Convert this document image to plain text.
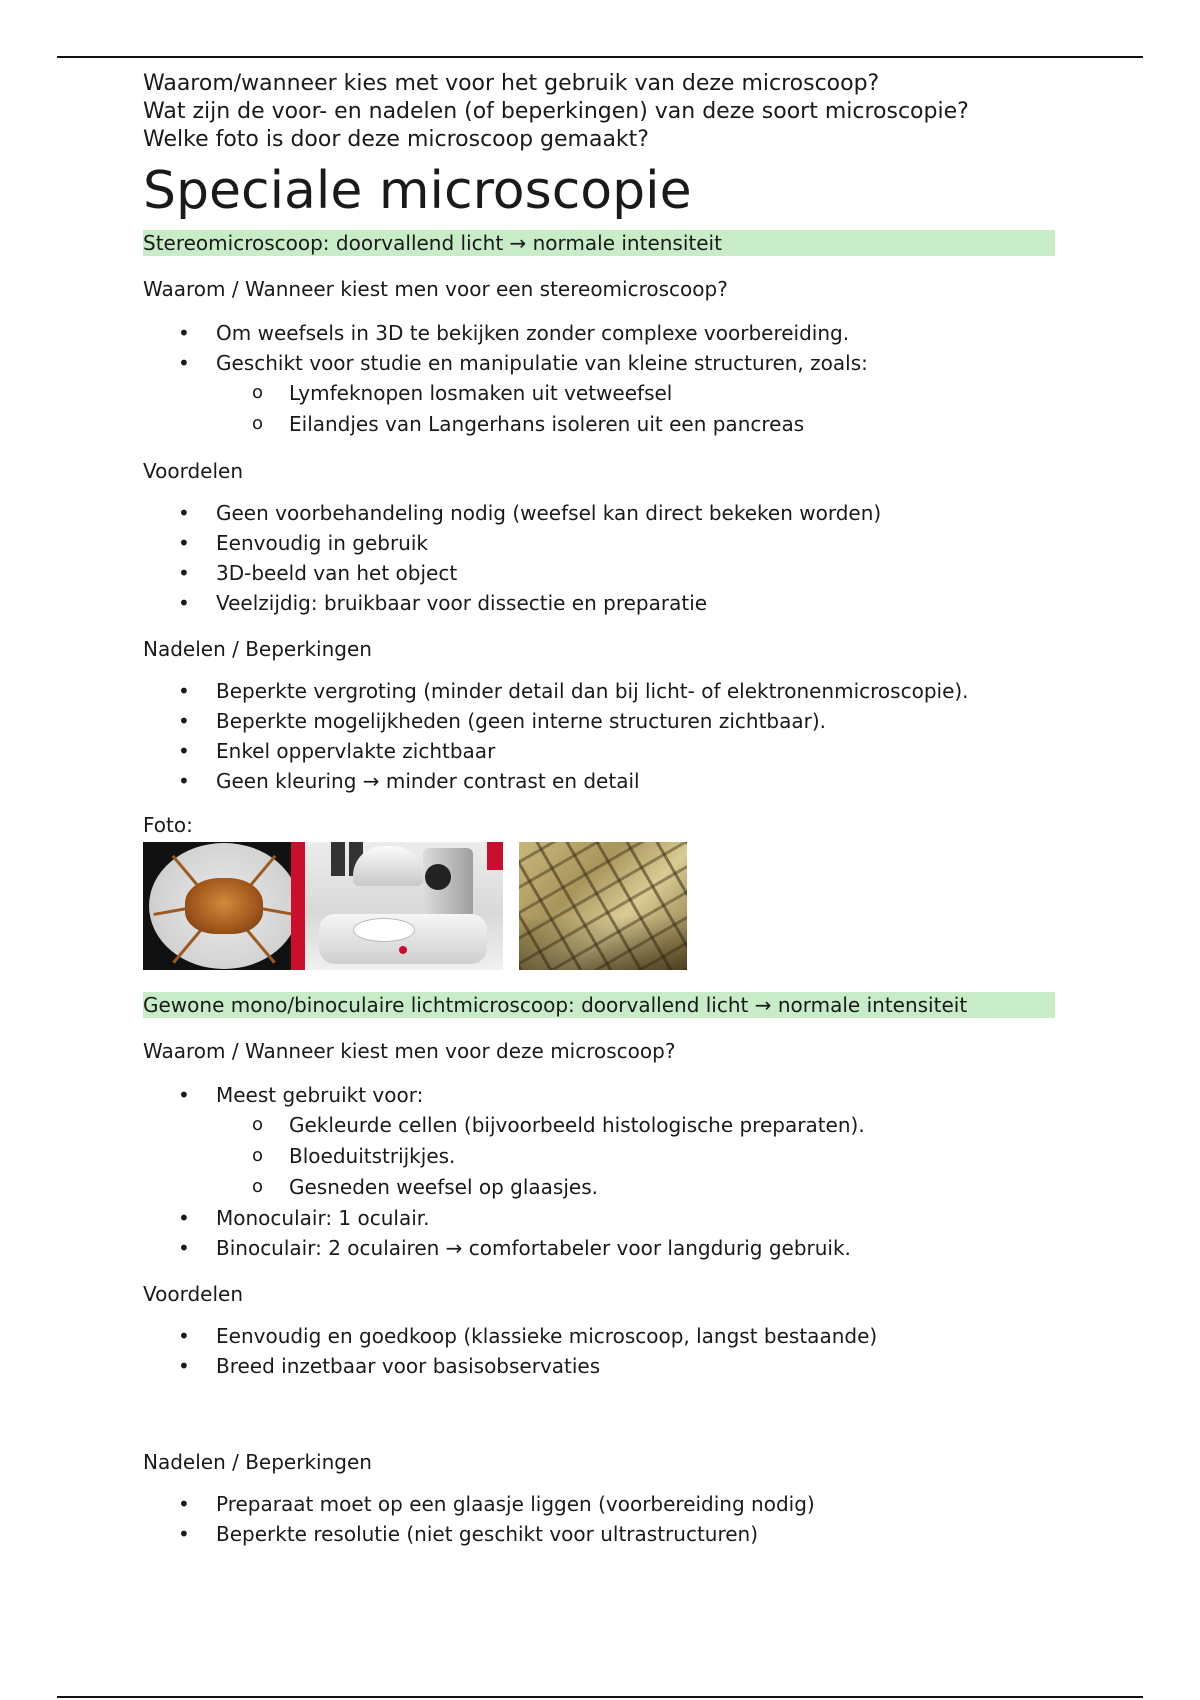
Waarom/wanneer kies met voor het gebruik van deze microscoop?

Wat zijn de voor- en nadelen (of beperkingen) van deze soort microscopie?

Welke foto is door deze microscoop gemaakt?

Speciale microscopie
Stereomicroscoop: doorvallend licht → normale intensiteit
Waarom / Wanneer kiest men voor een stereomicroscoop?
• Om weefsels in 3D te bekijken zonder complexe voorbereiding.
• Geschikt voor studie en manipulatie van kleine structuren, zoals:
o Lymfeknopen losmaken uit vetweefsel
o Eilandjes van Langerhans isoleren uit een pancreas
Voordelen
• Geen voorbehandeling nodig (weefsel kan direct bekeken worden)
• Eenvoudig in gebruik
• 3D-beeld van het object
• Veelzijdig: bruikbaar voor dissectie en preparatie
Nadelen / Beperkingen
• Beperkte vergroting (minder detail dan bij licht- of elektronenmicroscopie).
• Beperkte mogelijkheden (geen interne structuren zichtbaar).
• Enkel oppervlakte zichtbaar
• Geen kleuring → minder contrast en detail
Foto:
Gewone mono/binoculaire lichtmicroscoop: doorvallend licht → normale intensiteit
Waarom / Wanneer kiest men voor deze microscoop?
• Meest gebruikt voor:
o Gekleurde cellen (bijvoorbeeld histologische preparaten).
o Bloeduitstrijkjes.
o Gesneden weefsel op glaasjes.
• Monoculair: 1 oculair.
• Binoculair: 2 oculairen → comfortabeler voor langdurig gebruik.
Voordelen
• Eenvoudig en goedkoop (klassieke microscoop, langst bestaande)
• Breed inzetbaar voor basisobservaties
Nadelen / Beperkingen
• Preparaat moet op een glaasje liggen (voorbereiding nodig)
• Beperkte resolutie (niet geschikt voor ultrastructuren)
